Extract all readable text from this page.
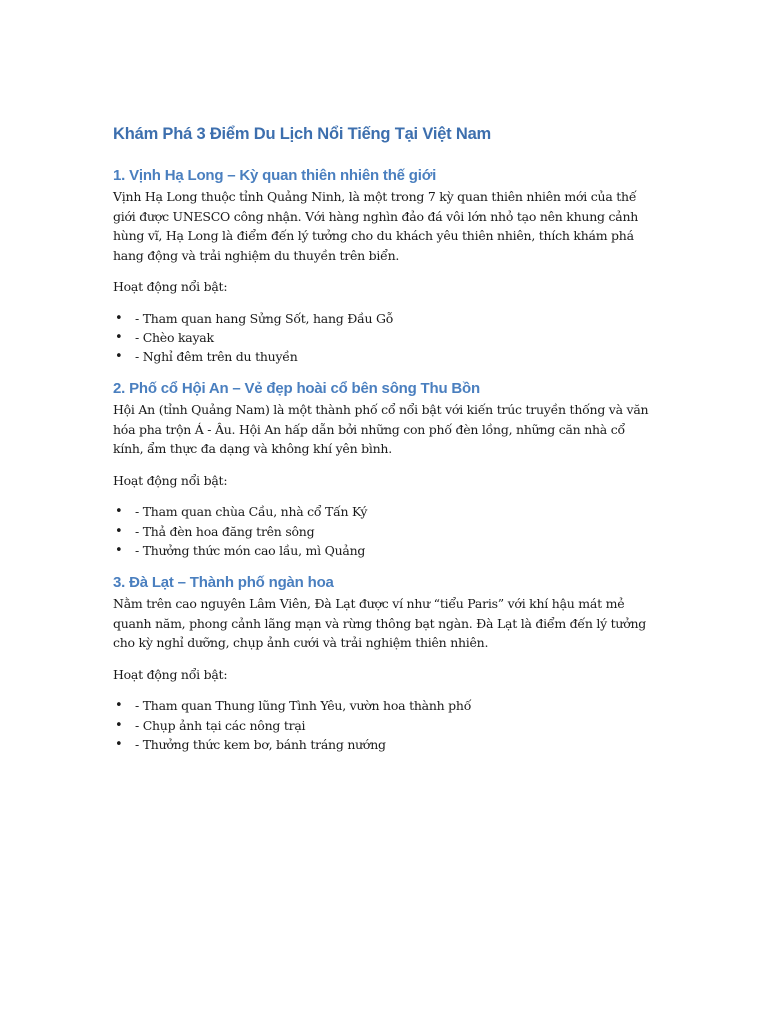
Khám Phá 3 Điểm Du Lịch Nổi Tiếng Tại Việt Nam
1. Vịnh Hạ Long – Kỳ quan thiên nhiên thế giới

Vịnh Hạ Long thuộc tỉnh Quảng Ninh, là một trong 7 kỳ quan thiên nhiên mới của thế giới được UNESCO công nhận. Với hàng nghìn đảo đá vôi lớn nhỏ tạo nên khung cảnh hùng vĩ, Hạ Long là điểm đến lý tưởng cho du khách yêu thiên nhiên, thích khám phá hang động và trải nghiệm du thuyền trên biển.

Hoạt động nổi bật:

• - Tham quan hang Sửng Sốt, hang Đầu Gỗ
• - Chèo kayak
• - Nghỉ đêm trên du thuyền
2. Phố cổ Hội An – Vẻ đẹp hoài cổ bên sông Thu Bồn

Hội An (tỉnh Quảng Nam) là một thành phố cổ nổi bật với kiến trúc truyền thống và văn hóa pha trộn Á - Âu. Hội An hấp dẫn bởi những con phố đèn lồng, những căn nhà cổ kính, ẩm thực đa dạng và không khí yên bình.

Hoạt động nổi bật:

• - Tham quan chùa Cầu, nhà cổ Tấn Ký
• - Thả đèn hoa đăng trên sông
• - Thưởng thức món cao lầu, mì Quảng
3. Đà Lạt – Thành phố ngàn hoa

Nằm trên cao nguyên Lâm Viên, Đà Lạt được ví như “tiểu Paris” với khí hậu mát mẻ quanh năm, phong cảnh lãng mạn và rừng thông bạt ngàn. Đà Lạt là điểm đến lý tưởng cho kỳ nghỉ dưỡng, chụp ảnh cưới và trải nghiệm thiên nhiên.

Hoạt động nổi bật:

• - Tham quan Thung lũng Tình Yêu, vườn hoa thành phố
• - Chụp ảnh tại các nông trại
• - Thưởng thức kem bơ, bánh tráng nướng
